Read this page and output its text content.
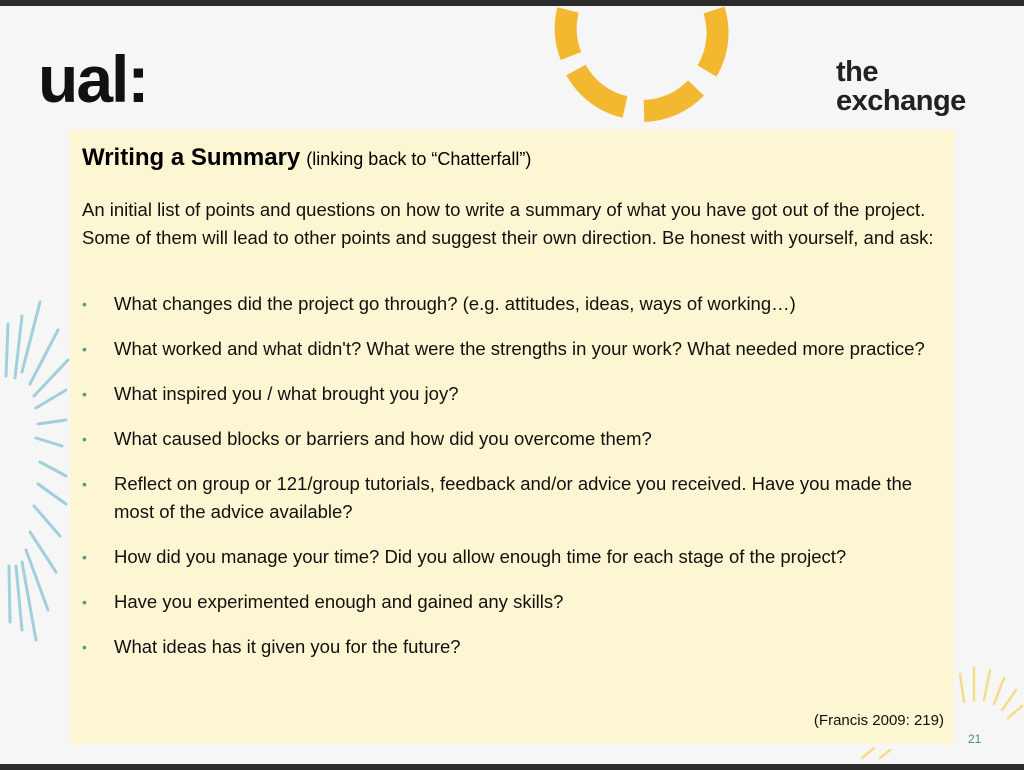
ual:	the
exchange
Writing a Summary (linking back to “Chatterfall”)

An initial list of points and questions on how to write a summary of what you have got out of the project. Some of them will lead to other points and suggest their own direction. Be honest with yourself, and ask:

• What changes did the project go through? (e.g. attitudes, ideas, ways of working…)
• What worked and what didn't? What were the strengths in your work? What needed more practice?
• What inspired you / what brought you joy?
• What caused blocks or barriers and how did you overcome them?
• Reflect on group or 121/group tutorials, feedback and/or advice you received. Have you made the most of the advice available?
• How did you manage your time? Did you allow enough time for each stage of the project?
• Have you experimented enough and gained any skills?
• What ideas has it given you for the future?
(Francis 2009: 219)
21
